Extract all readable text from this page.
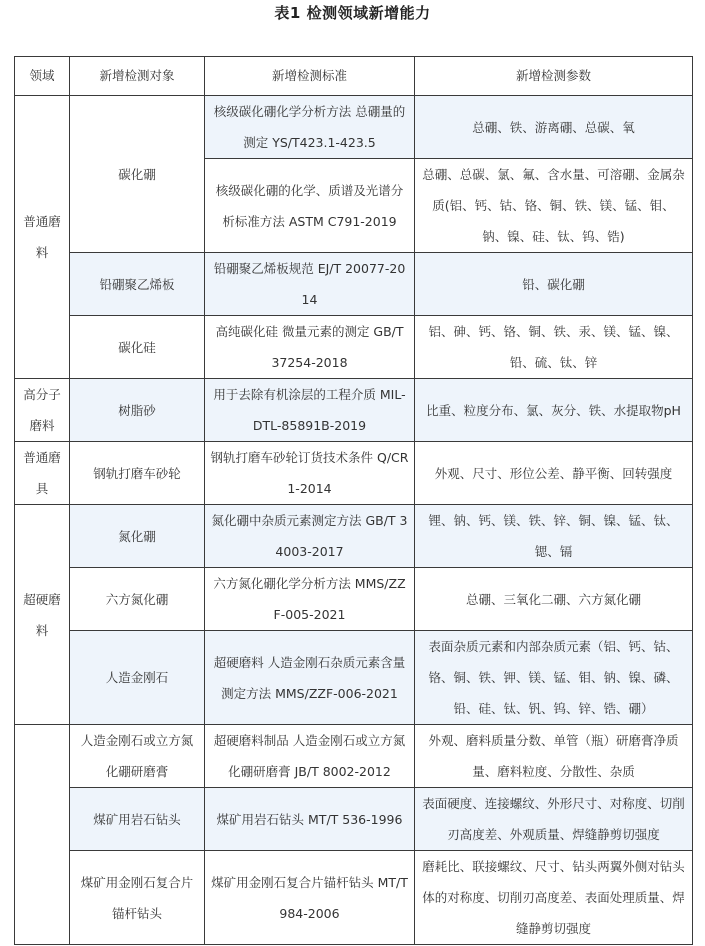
表1 检测领域新增能力
领域	新增检测对象	新增检测标准	新增检测参数
普通磨料	碳化硼	核级碳化硼化学分析方法 总硼量的测定 YS/T423.1-423.5	总硼、铁、游离硼、总碳、氧
		核级碳化硼的化学、质谱及光谱分析标准方法 ASTM C791-2019	总硼、总碳、氯、氟、含水量、可溶硼、金属杂质(铝、钙、钴、铬、铜、铁、镁、锰、钼、钠、镍、硅、钛、钨、锆)
	铅硼聚乙烯板	铅硼聚乙烯板规范 EJ/T 20077-2014	铅、碳化硼
	碳化硅	高纯碳化硅 微量元素的测定 GB/T 37254-2018	铝、砷、钙、铬、铜、铁、汞、镁、锰、镍、铅、硫、钛、锌
高分子磨料	树脂砂	用于去除有机涂层的工程介质 MIL-DTL-85891B-2019	比重、粒度分布、氯、灰分、铁、水提取物pH
普通磨具	钢轨打磨车砂轮	钢轨打磨车砂轮订货技术条件 Q/CR 1-2014	外观、尺寸、形位公差、静平衡、回转强度
超硬磨料	氮化硼	氮化硼中杂质元素测定方法 GB/T 34003-2017	锂、钠、钙、镁、铁、锌、铜、镍、锰、钛、锶、镉
	六方氮化硼	六方氮化硼化学分析方法 MMS/ZZF-005-2021	总硼、三氧化二硼、六方氮化硼
	人造金刚石	超硬磨料 人造金刚石杂质元素含量测定方法 MMS/ZZF-006-2021	表面杂质元素和内部杂质元素（铝、钙、钴、铬、铜、铁、钾、镁、锰、钼、钠、镍、磷、铅、硅、钛、钒、钨、锌、锆、硼）
	人造金刚石或立方氮化硼研磨膏	超硬磨料制品 人造金刚石或立方氮化硼研磨膏 JB/T 8002-2012	外观、磨料质量分数、单管（瓶）研磨膏净质量、磨料粒度、分散性、杂质
	煤矿用岩石钻头	煤矿用岩石钻头 MT/T 536-1996	表面硬度、连接螺纹、外形尺寸、对称度、切削刃高度差、外观质量、焊缝静剪切强度
	煤矿用金刚石复合片锚杆钻头	煤矿用金刚石复合片锚杆钻头 MT/T 984-2006	磨耗比、联接螺纹、尺寸、钻头两翼外侧对钻头体的对称度、切削刃高度差、表面处理质量、焊缝静剪切强度
